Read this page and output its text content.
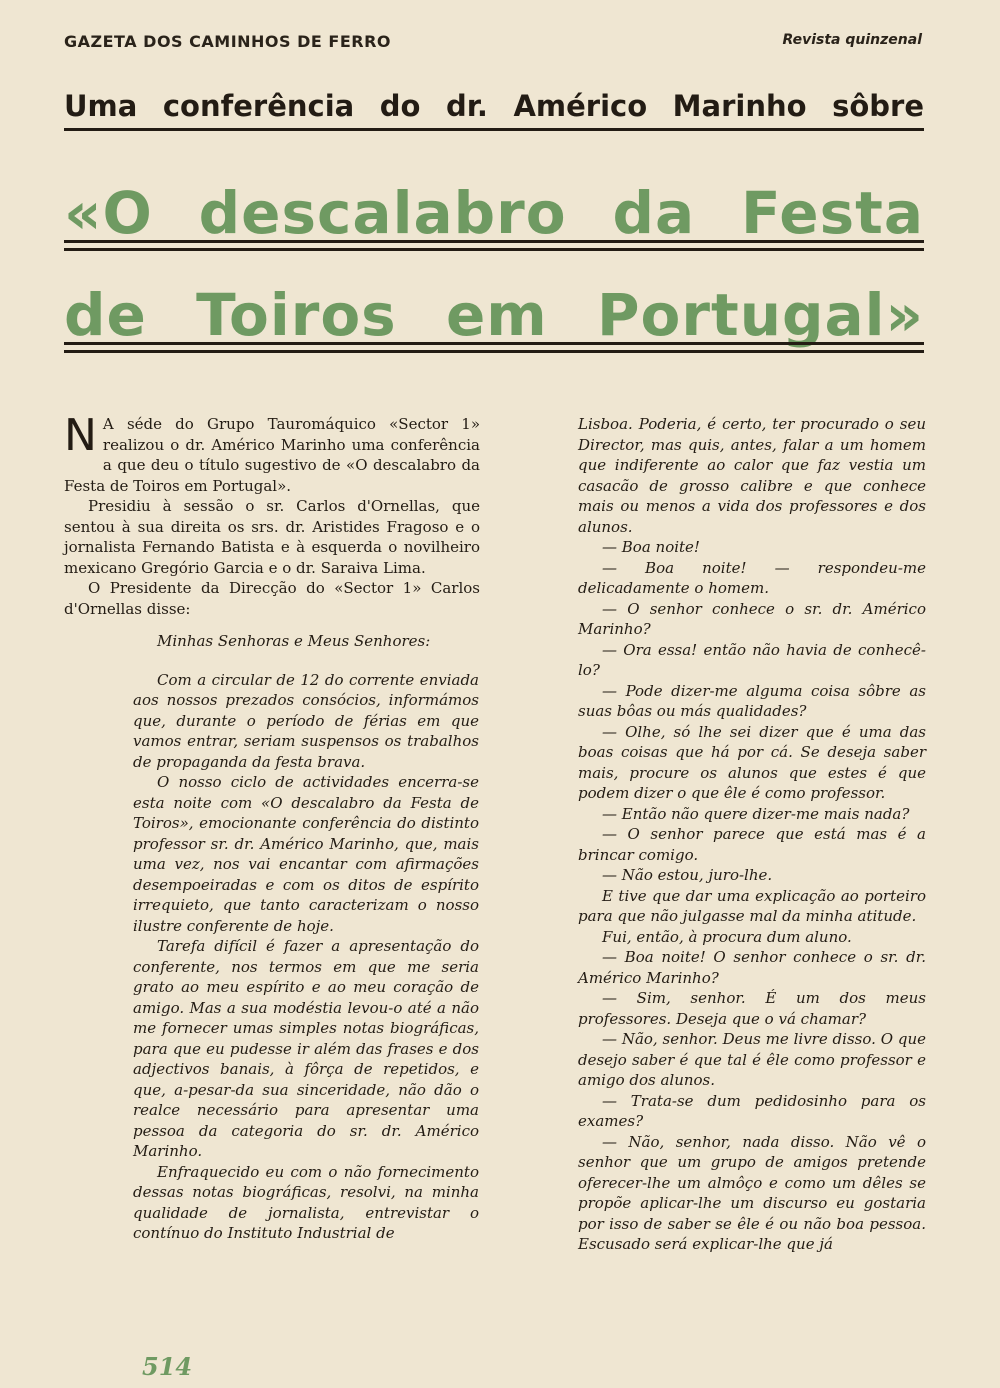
GAZETA DOS CAMINHOS DE FERRO	Revista quinzenal
Uma conferência do dr. Américo Marinho sôbre
«O descalabro da Festa
de Toiros em Portugal»

N A séde do Grupo Tauromáquico «Sector 1» realizou o dr. Américo Marinho uma conferência a que deu o título sugestivo de «O descalabro da Festa de Toiros em Portugal».

Presidiu à sessão o sr. Carlos d'Ornellas, que sentou à sua direita os srs. dr. Aristides Fragoso e o jornalista Fernando Batista e à esquerda o novilheiro mexicano Gregório Garcia e o dr. Saraiva Lima.

O Presidente da Direcção do «Sector 1» Carlos d'Ornellas disse:

Minhas Senhoras e Meus Senhores:

Com a circular de 12 do corrente enviada aos nossos prezados consócios, informámos que, durante o período de férias em que vamos entrar, seriam suspensos os trabalhos de propaganda da festa brava.

O nosso ciclo de actividades encerra-se esta noite com «O descalabro da Festa de Toiros», emocionante conferência do distinto professor sr. dr. Américo Marinho, que, mais uma vez, nos vai encantar com afirmações desempoeiradas e com os ditos de espírito irrequieto, que tanto caracterizam o nosso ilustre conferente de hoje.

Tarefa difícil é fazer a apresentação do conferente, nos termos em que me seria grato ao meu espírito e ao meu coração de amigo. Mas a sua modéstia levou-o até a não me fornecer umas simples notas biográficas, para que eu pudesse ir além das frases e dos adjectivos banais, à fôrça de repetidos, e que, a-pesar-da sua sinceridade, não dão o realce necessário para apresentar uma pessoa da categoria do sr. dr. Américo Marinho.

Enfraquecido eu com o não fornecimento dessas notas biográficas, resolvi, na minha qualidade de jornalista, entrevistar o contínuo do Instituto Industrial de

Lisboa. Poderia, é certo, ter procurado o seu Director, mas quis, antes, falar a um homem que indiferente ao calor que faz vestia um casacão de grosso calibre e que conhece mais ou menos a vida dos professores e dos alunos.

— Boa noite!

— Boa noite! — respondeu-me delicadamente o homem.

— O senhor conhece o sr. dr. Américo Marinho?

— Ora essa! então não havia de conhecê-lo?

— Pode dizer-me alguma coisa sôbre as suas bôas ou más qualidades?

— Olhe, só lhe sei dizer que é uma das boas coisas que há por cá. Se deseja saber mais, procure os alunos que estes é que podem dizer o que êle é como professor.

— Então não quere dizer-me mais nada?

— O senhor parece que está mas é a brincar comigo.

— Não estou, juro-lhe.

E tive que dar uma explicação ao porteiro para que não julgasse mal da minha atitude.

Fui, então, à procura dum aluno.

— Boa noite! O senhor conhece o sr. dr. Américo Marinho?

— Sim, senhor. É um dos meus professores. Deseja que o vá chamar?

— Não, senhor. Deus me livre disso. O que desejo saber é que tal é êle como professor e amigo dos alunos.

— Trata-se dum pedidosinho para os exames?

— Não, senhor, nada disso. Não vê o senhor que um grupo de amigos pretende oferecer-lhe um almôço e como um dêles se propõe aplicar-lhe um discurso eu gostaria por isso de saber se êle é ou não boa pessoa. Escusado será explicar-lhe que já

514
